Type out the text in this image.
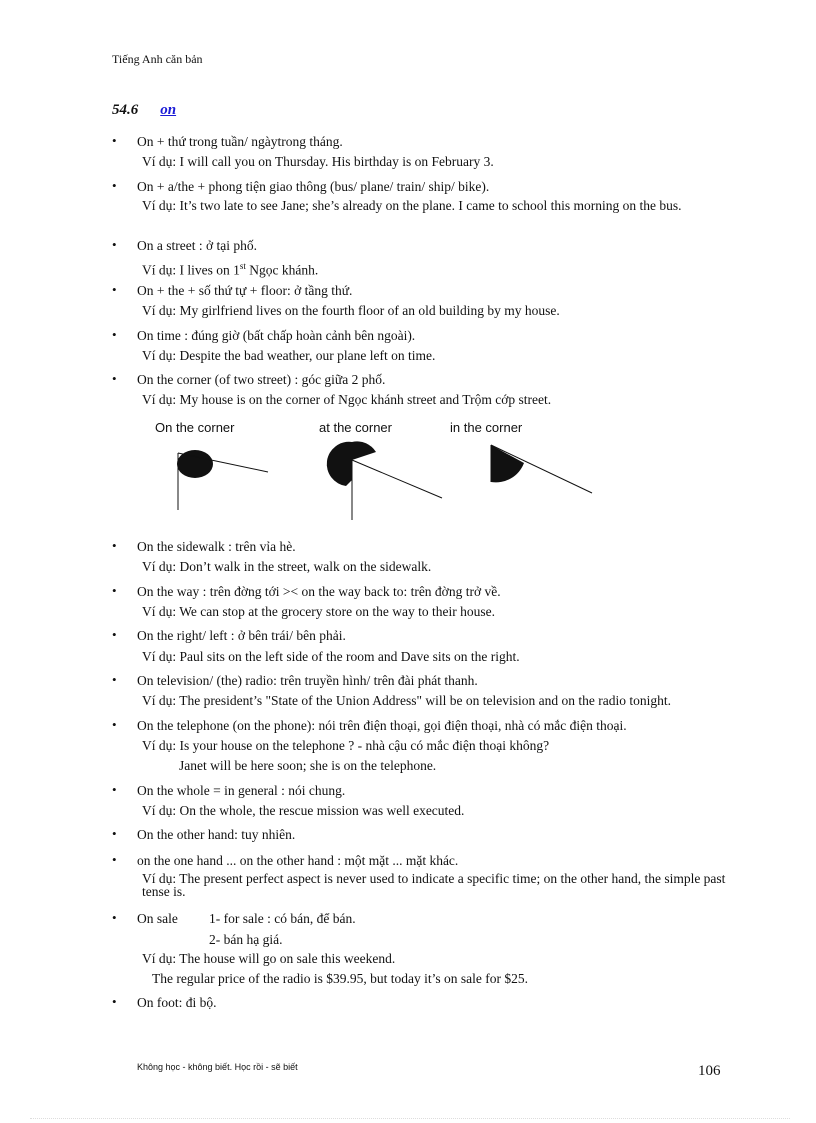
Tiếng Anh căn bản
54.6 on
• On + thứ trong tuần/ ngàytrong tháng.
Ví dụ: I will call you on Thursday. His birthday is on February 3.
• On + a/the + phong tiện giao thông (bus/ plane/ train/ ship/ bike).
Ví dụ: It’s two late to see Jane; she’s already on the plane. I came to school this morning on the bus.
• On a street : ở tại phố.
Ví dụ: I lives on 1st Ngọc khánh.
• On + the + số thứ tự + floor: ở tầng thứ.
Ví dụ: My girlfriend lives on the fourth floor of an old building by my house.
• On time : đúng giờ (bất chấp hoàn cảnh bên ngoài).
Ví dụ: Despite the bad weather, our plane left on time.
• On the corner (of two street) : góc giữa 2 phố.
Ví dụ: My house is on the corner of Ngọc khánh street and Trộm cớp street.
On the corner	at the corner	in the corner
• On the sidewalk : trên vỉa hè.
Ví dụ: Don’t walk in the street, walk on the sidewalk.
• On the way : trên đờng tới >< on the way back to: trên đờng trở về.
Ví dụ: We can stop at the grocery store on the way to their house.
• On the right/ left : ở bên trái/ bên phải.
Ví dụ: Paul sits on the left side of the room and Dave sits on the right.
• On television/ (the) radio: trên truyền hình/ trên đài phát thanh.
Ví dụ: The president’s "State of the Union Address" will be on television and on the radio tonight.
• On the telephone (on the phone): nói trên điện thoại, gọi điện thoại, nhà có mắc điện thoại.
Ví dụ: Is your house on the telephone ? - nhà cậu có mắc điện thoại không?
Janet will be here soon; she is on the telephone.
• On the whole = in general : nói chung.
Ví dụ: On the whole, the rescue mission was well executed.
• On the other hand: tuy nhiên.
• on the one hand ... on the other hand : một mặt ... mặt khác.
Ví dụ: The present perfect aspect is never used to indicate a specific time; on the other hand, the simple past tense is.
• On sale 1- for sale : có bán, để bán.
2- bán hạ giá.
Ví dụ: The house will go on sale this weekend.
The regular price of the radio is $39.95, but today it’s on sale for $25.
• On foot: đi bộ.
Không học - không biết. Học rồi - sẽ biết	106
